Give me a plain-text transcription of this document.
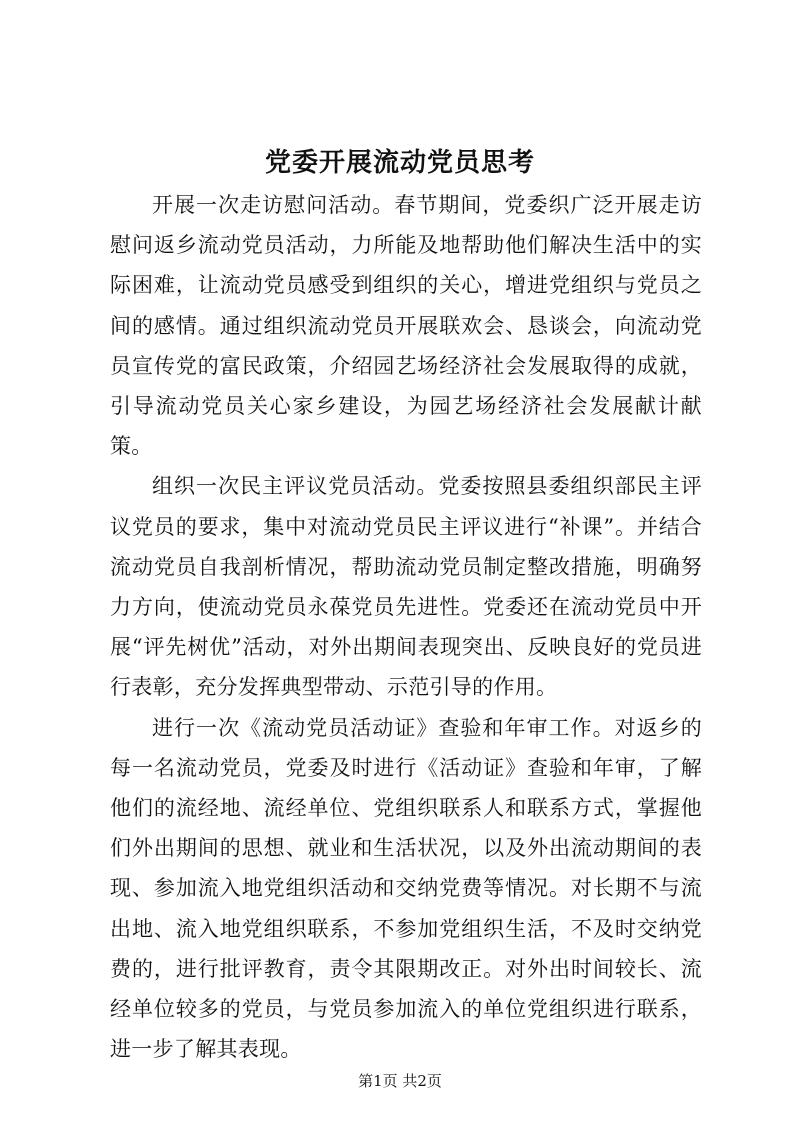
党委开展流动党员思考

开展一次走访慰问活动。春节期间，党委织广泛开展走访慰问返乡流动党员活动，力所能及地帮助他们解决生活中的实际困难，让流动党员感受到组织的关心，增进党组织与党员之间的感情。通过组织流动党员开展联欢会、恳谈会，向流动党员宣传党的富民政策，介绍园艺场经济社会发展取得的成就，引导流动党员关心家乡建设，为园艺场经济社会发展献计献策。

组织一次民主评议党员活动。党委按照县委组织部民主评议党员的要求，集中对流动党员民主评议进行“补课”。并结合流动党员自我剖析情况，帮助流动党员制定整改措施，明确努力方向，使流动党员永葆党员先进性。党委还在流动党员中开展“评先树优”活动，对外出期间表现突出、反映良好的党员进行表彰，充分发挥典型带动、示范引导的作用。

进行一次《流动党员活动证》查验和年审工作。对返乡的每一名流动党员，党委及时进行《活动证》查验和年审，了解他们的流经地、流经单位、党组织联系人和联系方式，掌握他们外出期间的思想、就业和生活状况，以及外出流动期间的表现、参加流入地党组织活动和交纳党费等情况。对长期不与流出地、流入地党组织联系，不参加党组织生活，不及时交纳党费的，进行批评教育，责令其限期改正。对外出时间较长、流经单位较多的党员，与党员参加流入的单位党组织进行联系，进一步了解其表现。

第1页 共2页
